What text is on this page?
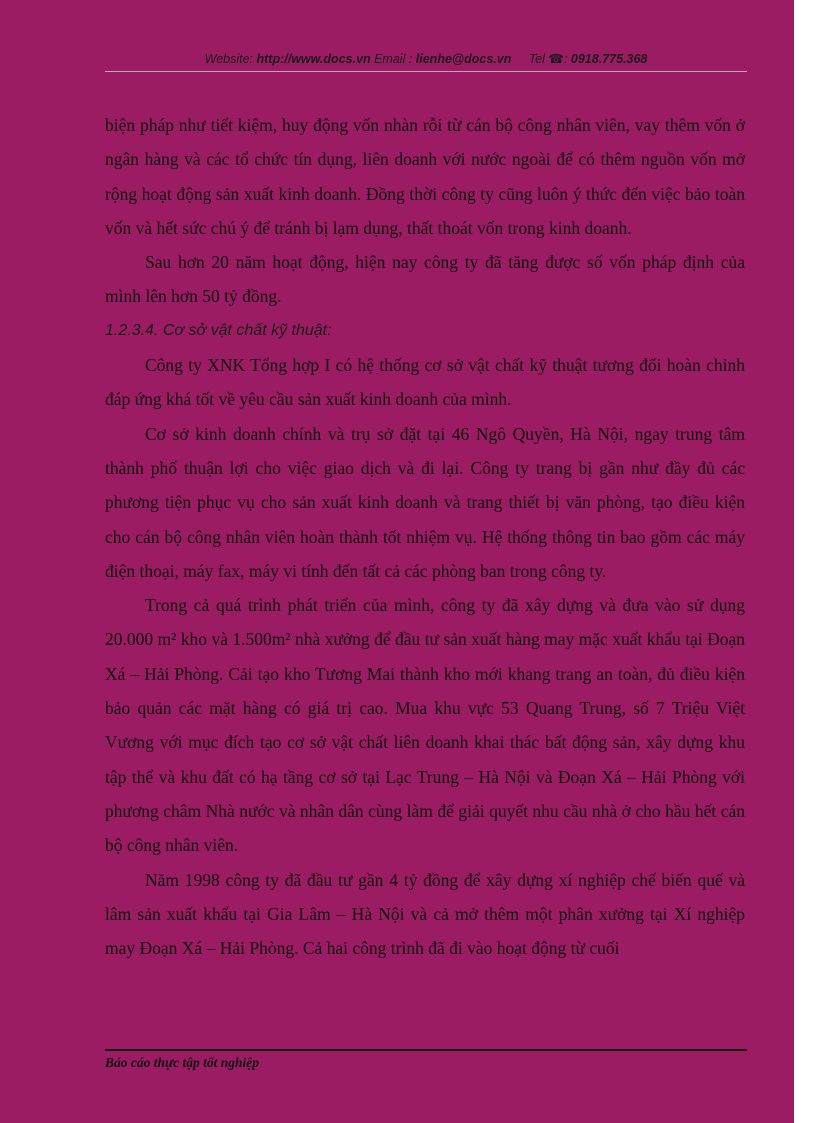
Website: http://www.docs.vn Email : lienhe@docs.vn     Tel ☎: 0918.775.368

biện pháp như tiết kiệm, huy động vốn nhàn rỗi từ cán bộ công nhân viên, vay thêm vốn ở ngân hàng và các tổ chức tín dụng, liên doanh với nước ngoài để có thêm nguồn vốn mở rộng hoạt động sản xuất kinh doanh. Đồng thời công ty cũng luôn ý thức đến việc bảo toàn vốn và hết sức chú ý để tránh bị lạm dụng, thất thoát vốn trong kinh doanh.

Sau hơn 20 năm hoạt động, hiện nay công ty đã tăng được số vốn pháp định của mình lên hơn 50 tỷ đồng.

1.2.3.4. Cơ sở vật chất kỹ thuật:

Công ty XNK Tổng hợp I có hệ thống cơ sở vật chất kỹ thuật tương đối hoàn chỉnh đáp ứng khá tốt về yêu cầu sản xuất kinh doanh của mình.

Cơ sở kinh doanh chính và trụ sở đặt tại 46 Ngô Quyền, Hà Nội, ngay trung tâm thành phố thuận lợi cho việc giao dịch và đi lại. Công ty trang bị gần như đầy đủ các phương tiện phục vụ cho sản xuất kinh doanh và trang thiết bị văn phòng, tạo điều kiện cho cán bộ công nhân viên hoàn thành tốt nhiệm vụ. Hệ thống thông tin bao gồm các máy điện thoại, máy fax, máy vi tính đến tất cả các phòng ban trong công ty.

Trong cả quá trình phát triển của mình, công ty đã xây dựng và đưa vào sử dụng 20.000 m² kho và 1.500m² nhà xưởng để đầu tư sản xuất hàng may mặc xuất khẩu tại Đoạn Xá – Hải Phòng. Cải tạo kho Tương Mai thành kho mới khang trang an toàn, đủ điều kiện bảo quản các mặt hàng có giá trị cao. Mua khu vực 53 Quang Trung, số 7 Triệu Việt Vương với mục đích tạo cơ sở vật chất liên doanh khai thác bất động sản, xây dựng khu tập thể và khu đất có hạ tầng cơ sở tại Lạc Trung – Hà Nội và Đoạn Xá – Hải Phòng với phương châm Nhà nước và nhân dân cùng làm để giải quyết nhu cầu nhà ở cho hầu hết cán bộ công nhân viên.

Năm 1998 công ty đã đầu tư gần 4 tỷ đồng để xây dựng xí nghiệp chế biến quế và lâm sản xuất khẩu tại Gia Lâm – Hà Nội và cả mở thêm một phân xưởng tại Xí nghiệp may Đoạn Xá – Hải Phòng. Cả hai công trình đã đi vào hoạt động từ cuối

Báo cáo thực tập tốt nghiệp
